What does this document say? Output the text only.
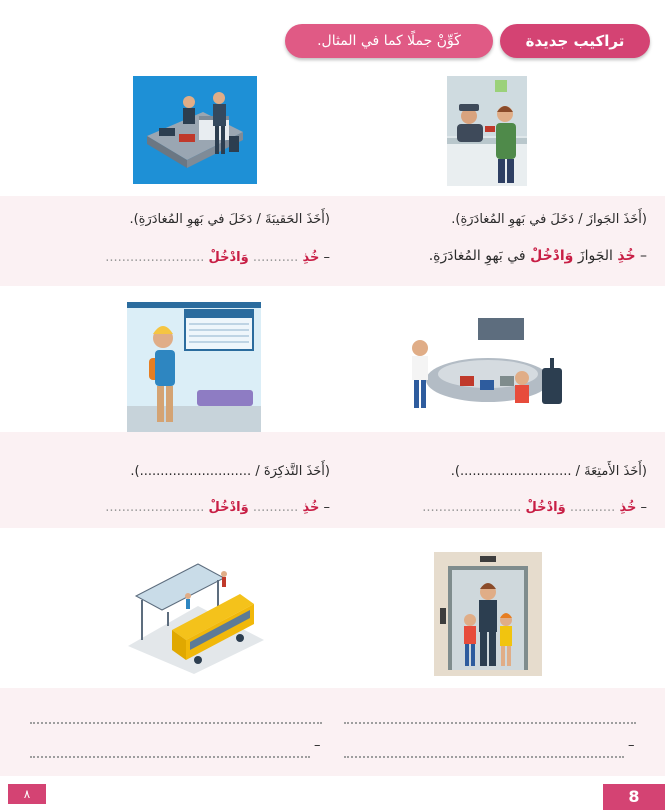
تراكيب جديدة
كَوِّنْ جملًا كما في المثال.
(أَخَذَ الجَوازَ / دَخَلَ في بَهوِ المُغادَرَةِ).
– خُذِ الجَوازَ وَادْخُلْ في بَهوِ المُغادَرَةِ.
(أَخَذَ الحَقيبَةَ / دَخَلَ في بَهوِ المُغادَرَةِ).
– خُذِ ........... وَادْخُلْ ........................
(أَخَذَ الأَمتِعَةَ / ...........................).
– خُذِ ........... وَادْخُلْ ........................
(أَخَذَ التَّذكِرَةَ / ...........................).
– خُذِ ........... وَادْخُلْ ........................
–
–
8
٨
